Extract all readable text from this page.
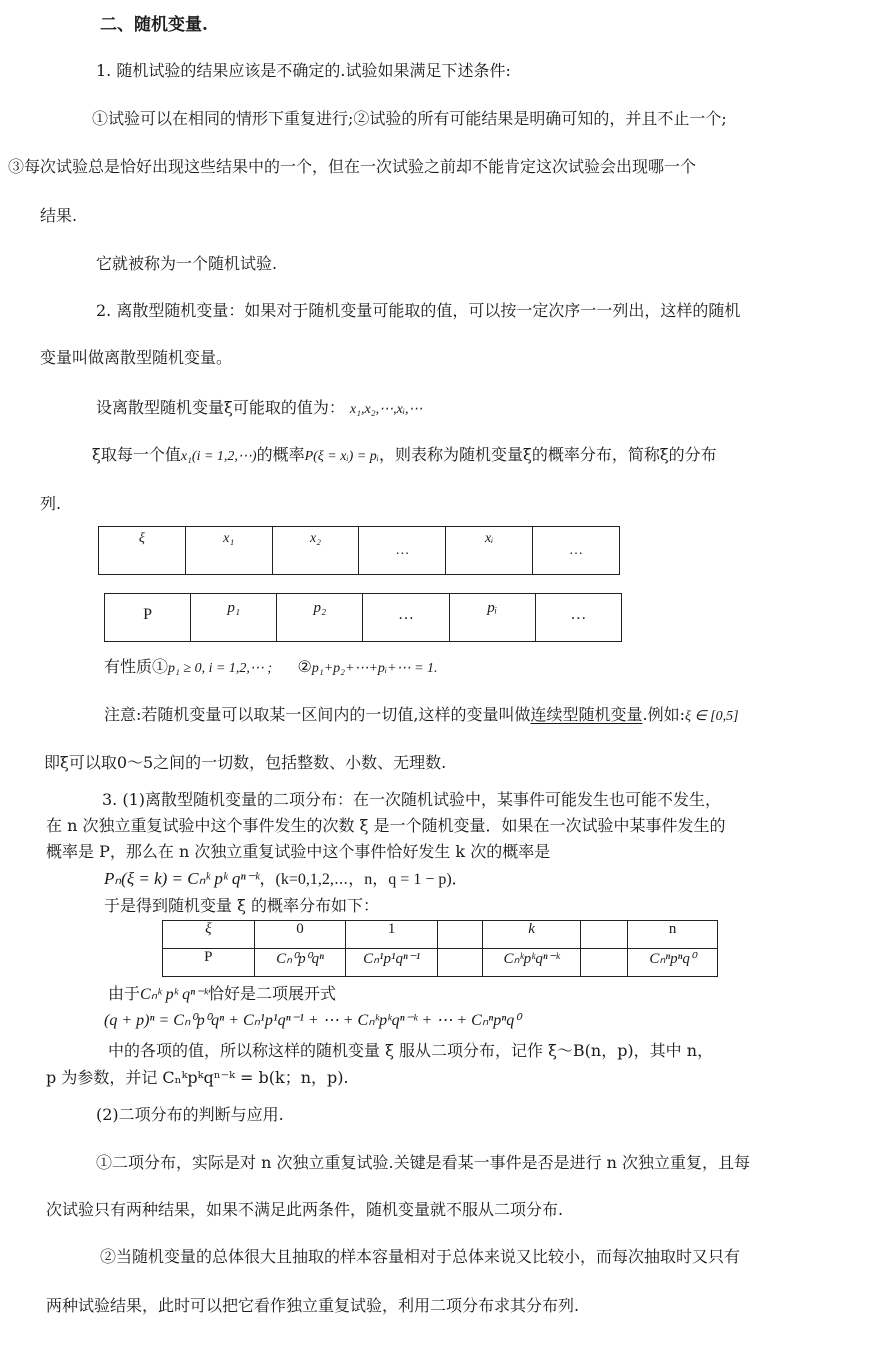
二、随机变量.
1. 随机试验的结果应该是不确定的.试验如果满足下述条件:
①试验可以在相同的情形下重复进行;②试验的所有可能结果是明确可知的，并且不止一个;
③每次试验总是恰好出现这些结果中的一个，但在一次试验之前却不能肯定这次试验会出现哪一个
结果.
它就被称为一个随机试验.
2. 离散型随机变量：如果对于随机变量可能取的值，可以按一定次序一一列出，这样的随机
变量叫做离散型随机变量。
设离散型随机变量ξ可能取的值为： x₁,x₂,⋯,xᵢ,⋯
ξ取每一个值x₁(i = 1,2,⋯)的概率P(ξ = xᵢ) = pᵢ，则表称为随机变量ξ的概率分布，简称ξ的分布
列.
ξ	x₁	x₂	…	xᵢ	…
P	p₁	p₂	…	pᵢ	…
有性质①p₁ ≥ 0, i = 1,2,⋯ ; ②p₁+p₂+⋯+pᵢ+⋯ = 1.
注意:若随机变量可以取某一区间内的一切值,这样的变量叫做连续型随机变量.例如:ξ ∈ [0,5]
即ξ可以取0～5之间的一切数，包括整数、小数、无理数.
3. (1)离散型随机变量的二项分布：在一次随机试验中，某事件可能发生也可能不发生，
在 n 次独立重复试验中这个事件发生的次数 ξ 是一个随机变量．如果在一次试验中某事件发生的
概率是 P，那么在 n 次独立重复试验中这个事件恰好发生 k 次的概率是
Pₙ(ξ = k) = Cₙᵏ pᵏ qⁿ⁻ᵏ，(k=0,1,2,⋯，n，q = 1 − p)．
于是得到随机变量 ξ 的概率分布如下：
ξ	0	1		k		n
P	Cₙ⁰p⁰qⁿ	Cₙ¹p¹qⁿ⁻¹		Cₙᵏpᵏqⁿ⁻ᵏ		Cₙⁿpⁿq⁰
由于Cₙᵏ pᵏ qⁿ⁻ᵏ恰好是二项展开式
(q + p)ⁿ = Cₙ⁰p⁰qⁿ + Cₙ¹p¹qⁿ⁻¹ + ⋯ + Cₙᵏpᵏqⁿ⁻ᵏ + ⋯ + Cₙⁿpⁿq⁰
中的各项的值，所以称这样的随机变量 ξ 服从二项分布，记作 ξ～B(n，p)，其中 n，
p 为参数，并记 Cₙᵏpᵏqⁿ⁻ᵏ = b(k；n，p).
(2)二项分布的判断与应用.
①二项分布，实际是对 n 次独立重复试验.关键是看某一事件是否是进行 n 次独立重复，且每
次试验只有两种结果，如果不满足此两条件，随机变量就不服从二项分布.
②当随机变量的总体很大且抽取的样本容量相对于总体来说又比较小，而每次抽取时又只有
两种试验结果，此时可以把它看作独立重复试验，利用二项分布求其分布列.
